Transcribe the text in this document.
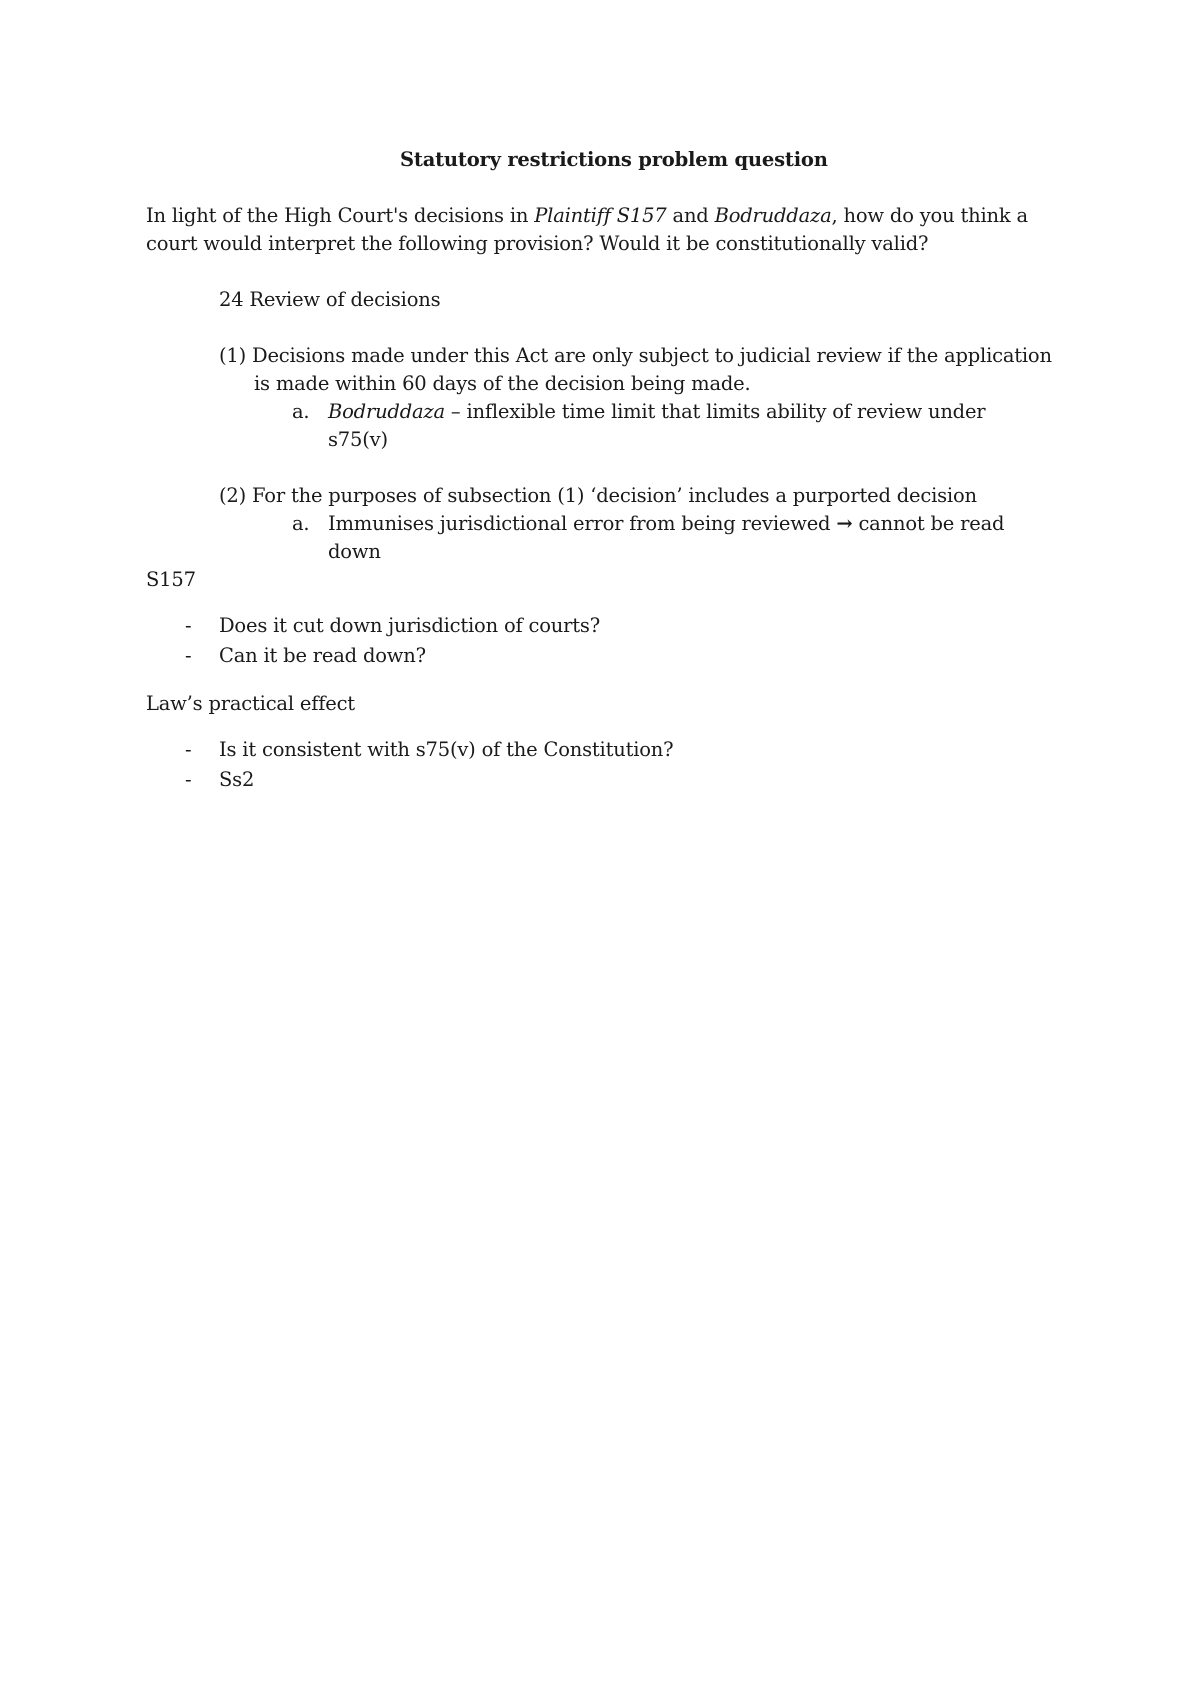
Statutory restrictions problem question

In light of the High Court's decisions in Plaintiff S157 and Bodruddaza, how do you think a

court would interpret the following provision? Would it be constitutionally valid?

24 Review of decisions

(1) Decisions made under this Act are only subject to judicial review if the application

is made within 60 days of the decision being made.

a. Bodruddaza – inflexible time limit that limits ability of review under

s75(v)

(2) For the purposes of subsection (1) ‘decision’ includes a purported decision

a. Immunises jurisdictional error from being reviewed → cannot be read

down

S157

- Does it cut down jurisdiction of courts?

- Can it be read down?

Law’s practical effect

- Is it consistent with s75(v) of the Constitution?

- Ss2
